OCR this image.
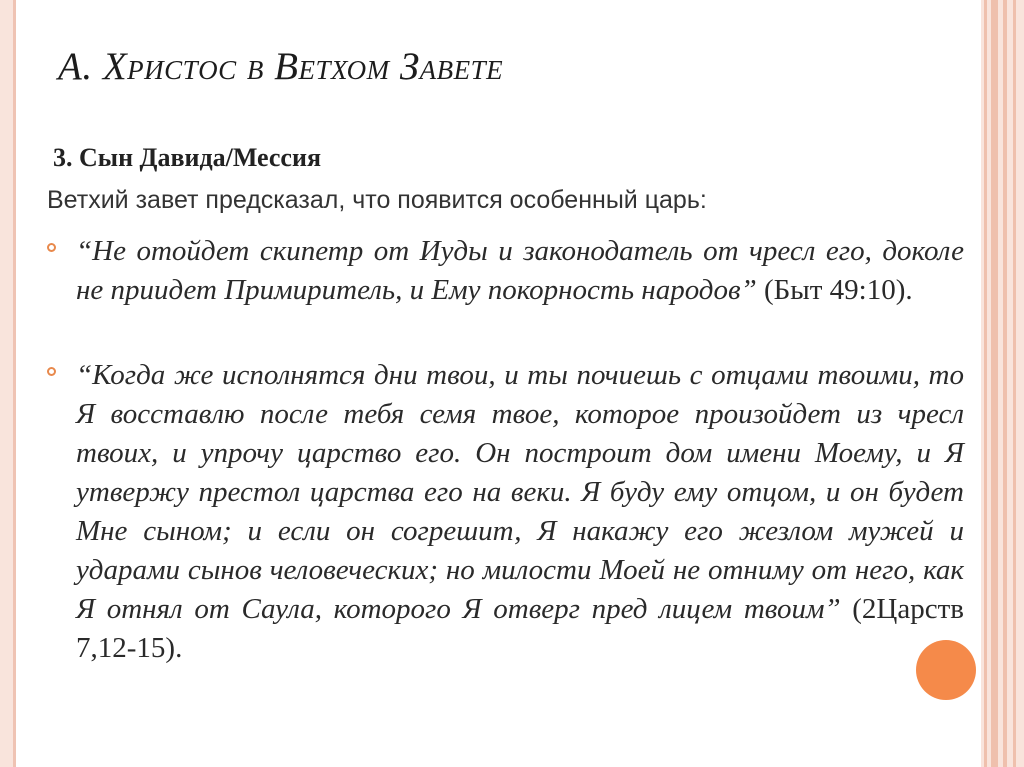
А. Христос в Ветхом Завете
3. Сын Давида/Мессия
Ветхий завет предсказал, что появится особенный царь:
“Не отойдет скипетр от Иуды и законодатель от чресл его, доколе не приидет Примиритель, и Ему покорность народов” (Быт 49:10).
“Когда же исполнятся дни твои, и ты почиешь с отцами твоими, то Я восставлю после тебя семя твое, которое произойдет из чресл твоих, и упрочу царство его. Он построит дом имени Моему, и Я утвержу престол царства его на веки. Я буду ему отцом, и он будет Мне сыном; и если он согрешит, Я накажу его жезлом мужей и ударами сынов человеческих; но милости Моей не отниму от него, как Я отнял от Саула, которого Я отверг пред лицем твоим” (2Царств 7,12-15).
